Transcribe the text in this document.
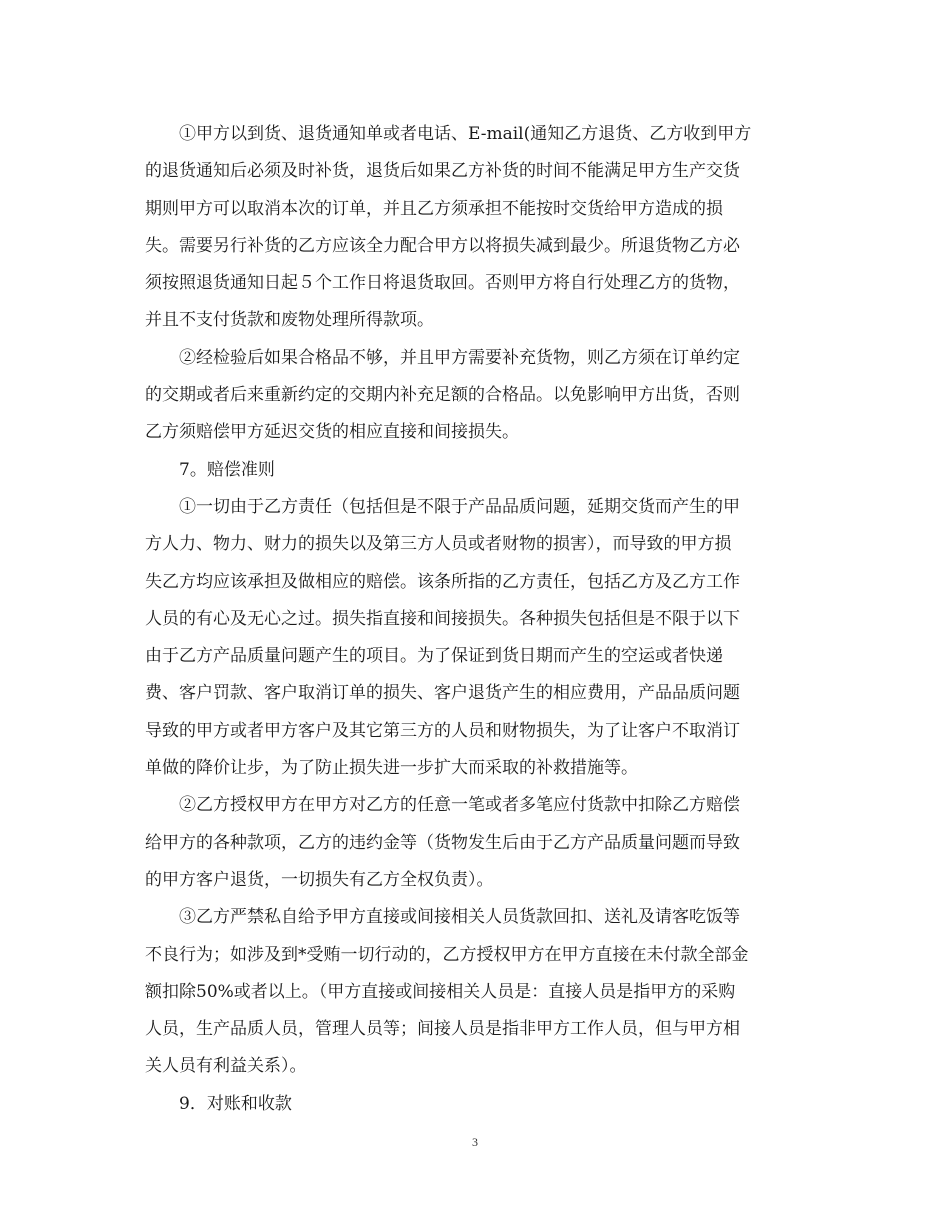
①甲方以到货、退货通知单或者电话、E-mail(通知乙方退货、乙方收到甲方
的退货通知后必须及时补货，退货后如果乙方补货的时间不能满足甲方生产交货
期则甲方可以取消本次的订单，并且乙方须承担不能按时交货给甲方造成的损
失。需要另行补货的乙方应该全力配合甲方以将损失减到最少。所退货物乙方必
须按照退货通知日起５个工作日将退货取回。否则甲方将自行处理乙方的货物，
并且不支付货款和废物处理所得款项。
②经检验后如果合格品不够，并且甲方需要补充货物，则乙方须在订单约定
的交期或者后来重新约定的交期内补充足额的合格品。以免影响甲方出货，否则
乙方须赔偿甲方延迟交货的相应直接和间接损失。
7。赔偿准则
①一切由于乙方责任（包括但是不限于产品品质问题，延期交货而产生的甲
方人力、物力、财力的损失以及第三方人员或者财物的损害），而导致的甲方损
失乙方均应该承担及做相应的赔偿。该条所指的乙方责任，包括乙方及乙方工作
人员的有心及无心之过。损失指直接和间接损失。各种损失包括但是不限于以下
由于乙方产品质量问题产生的项目。为了保证到货日期而产生的空运或者快递
费、客户罚款、客户取消订单的损失、客户退货产生的相应费用，产品品质问题
导致的甲方或者甲方客户及其它第三方的人员和财物损失，为了让客户不取消订
单做的降价让步，为了防止损失进一步扩大而采取的补救措施等。
②乙方授权甲方在甲方对乙方的任意一笔或者多笔应付货款中扣除乙方赔偿
给甲方的各种款项，乙方的违约金等（货物发生后由于乙方产品质量问题而导致
的甲方客户退货，一切损失有乙方全权负责）。
③乙方严禁私自给予甲方直接或间接相关人员货款回扣、送礼及请客吃饭等
不良行为；如涉及到*受贿一切行动的，乙方授权甲方在甲方直接在未付款全部金
额扣除50%或者以上。（甲方直接或间接相关人员是：直接人员是指甲方的采购
人员，生产品质人员，管理人员等；间接人员是指非甲方工作人员，但与甲方相
关人员有利益关系）。
9．对账和收款
3
